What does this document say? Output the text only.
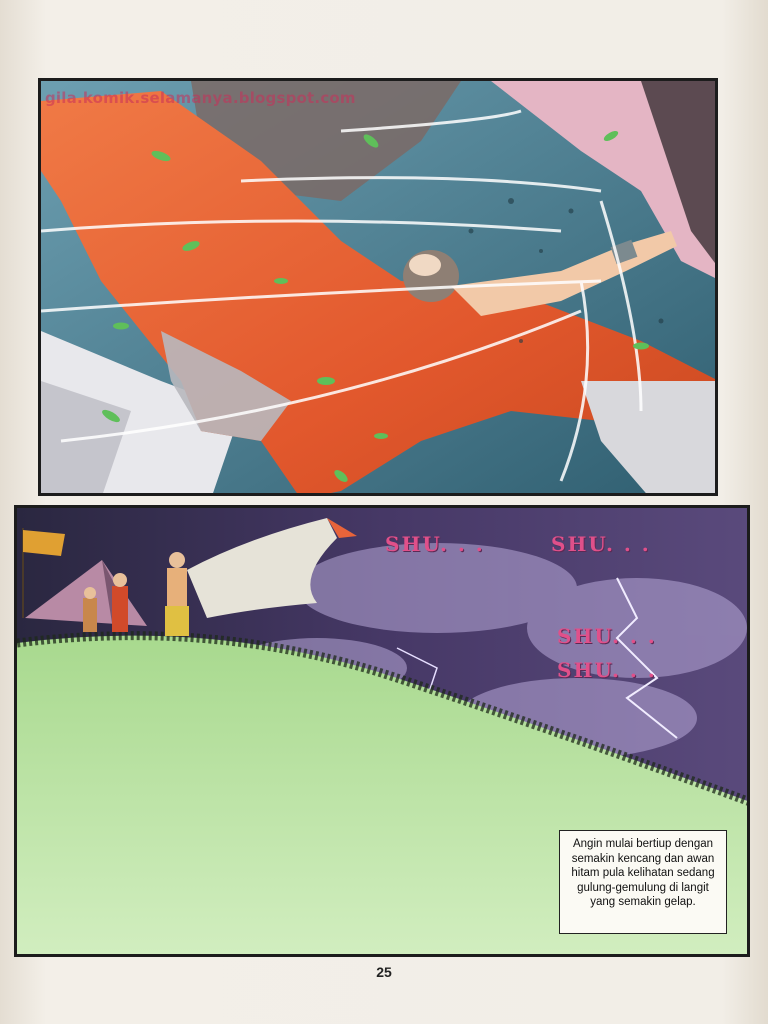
gila.komik.selamanya.blogspot.com
SHU. . .	SHU. . .
SHU. . .
SHU. . .
Angin mulai bertiup dengan semakin kencang dan awan hitam pula kelihatan sedang gulung-gemulung di langit yang semakin gelap.
25
